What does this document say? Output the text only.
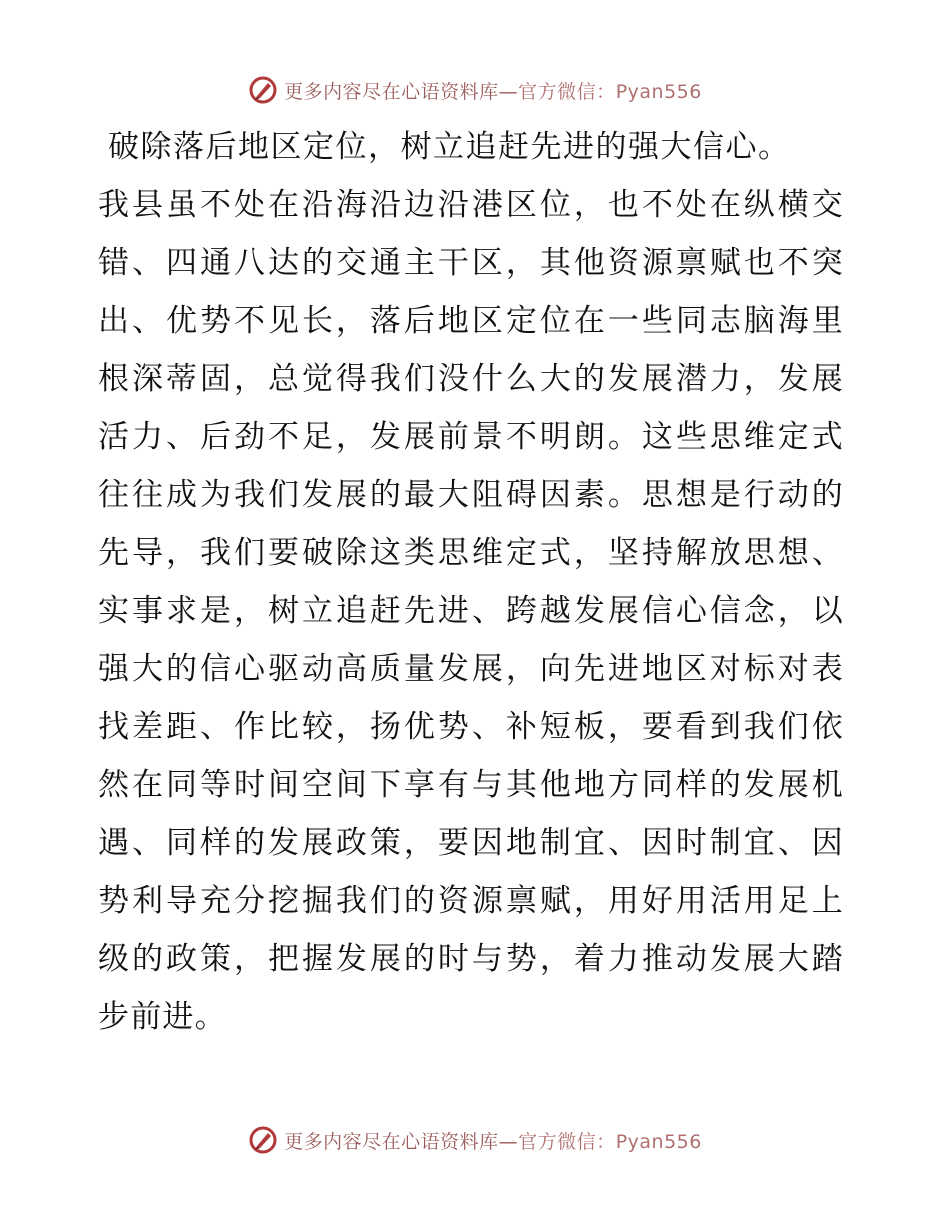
更多内容尽在心语资料库—官方微信：Pyan556
破除落后地区定位，树立追赶先进的强大信心。
我县虽不处在沿海沿边沿港区位，也不处在纵横交
错、四通八达的交通主干区，其他资源禀赋也不突
出、优势不见长，落后地区定位在一些同志脑海里
根深蒂固，总觉得我们没什么大的发展潜力，发展
活力、后劲不足，发展前景不明朗。这些思维定式
往往成为我们发展的最大阻碍因素。思想是行动的
先导，我们要破除这类思维定式，坚持解放思想、
实事求是，树立追赶先进、跨越发展信心信念，以
强大的信心驱动高质量发展，向先进地区对标对表
找差距、作比较，扬优势、补短板，要看到我们依
然在同等时间空间下享有与其他地方同样的发展机
遇、同样的发展政策，要因地制宜、因时制宜、因
势利导充分挖掘我们的资源禀赋，用好用活用足上
级的政策，把握发展的时与势，着力推动发展大踏
步前进。
更多内容尽在心语资料库—官方微信：Pyan556
